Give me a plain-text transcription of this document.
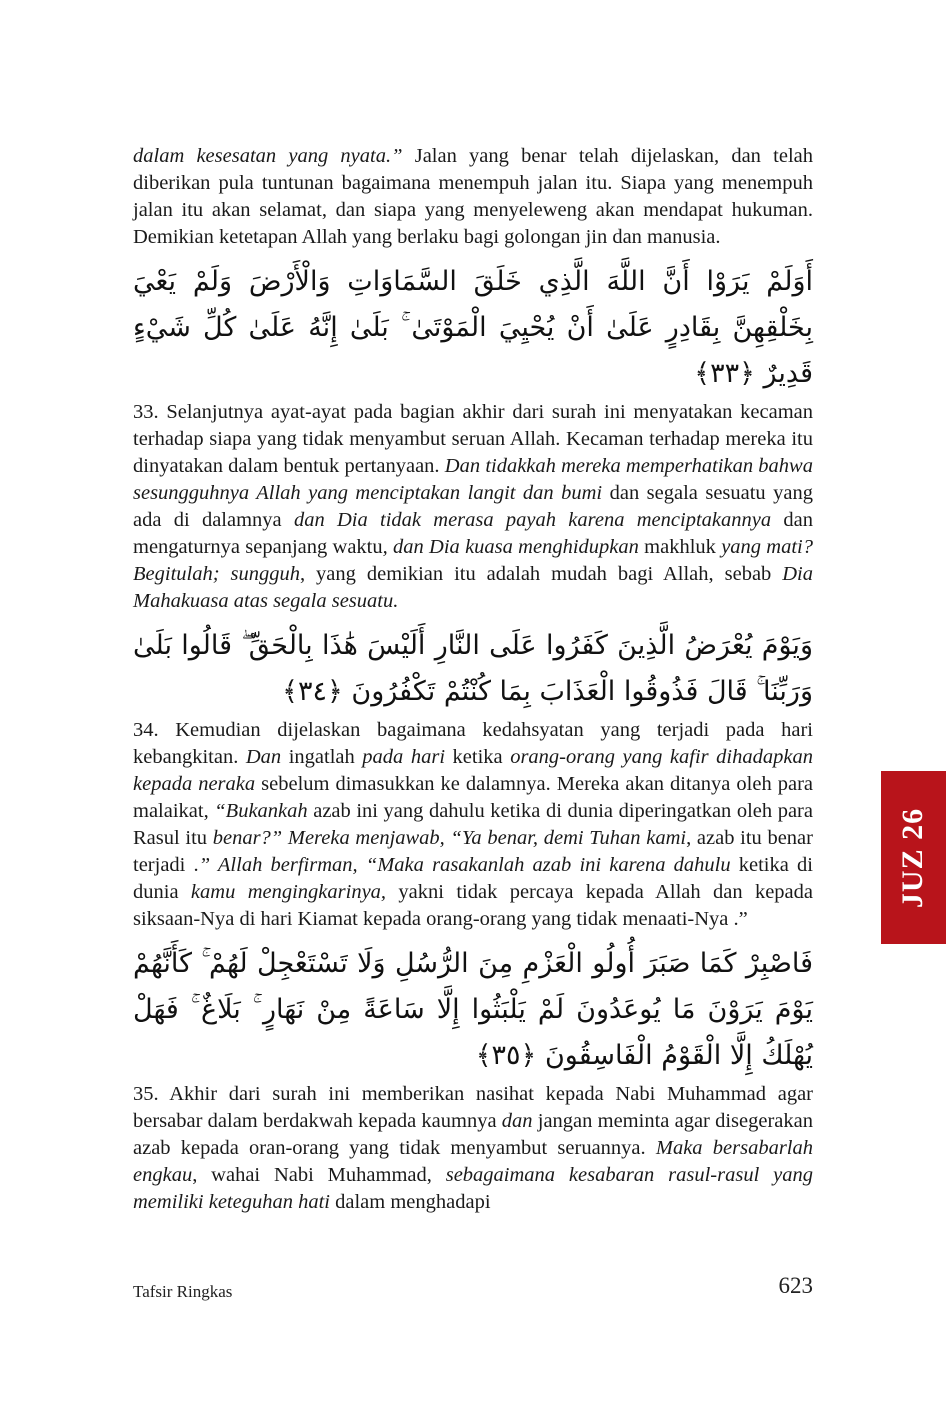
dalam kesesatan yang nyata.” Jalan yang benar telah dijelaskan, dan telah diberikan pula tuntunan bagaimana menempuh jalan itu. Siapa yang menempuh jalan itu akan selamat, dan siapa yang menyeleweng akan mendapat hukuman. Demikian ketetapan Allah yang berlaku bagi golongan jin dan manusia.

أَوَلَمْ يَرَوْا أَنَّ اللَّهَ الَّذِي خَلَقَ السَّمَاوَاتِ وَالْأَرْضَ وَلَمْ يَعْيَ بِخَلْقِهِنَّ بِقَادِرٍ عَلَىٰ أَنْ يُحْيِيَ الْمَوْتَىٰ ۚ بَلَىٰ إِنَّهُ عَلَىٰ كُلِّ شَيْءٍ قَدِيرٌ ﴿٣٣﴾

33. Selanjutnya ayat-ayat pada bagian akhir dari surah ini menyatakan kecaman terhadap siapa yang tidak menyambut seruan Allah. Kecaman terhadap mereka itu dinyatakan dalam bentuk pertanyaan. Dan tidakkah mereka memperhatikan bahwa sesungguhnya Allah yang menciptakan langit dan bumi dan segala sesuatu yang ada di dalamnya dan Dia tidak merasa payah karena menciptakannya dan mengaturnya sepanjang waktu, dan Dia kuasa menghidupkan makhluk yang mati? Begitulah; sungguh, yang demikian itu adalah mudah bagi Allah, sebab Dia Mahakuasa atas segala sesuatu.

وَيَوْمَ يُعْرَضُ الَّذِينَ كَفَرُوا عَلَى النَّارِ أَلَيْسَ هَٰذَا بِالْحَقِّ ۖ قَالُوا بَلَىٰ وَرَبِّنَا ۚ قَالَ فَذُوقُوا الْعَذَابَ بِمَا كُنْتُمْ تَكْفُرُونَ ﴿٣٤﴾

34. Kemudian dijelaskan bagaimana kedahsyatan yang terjadi pada hari kebangkitan. Dan ingatlah pada hari ketika orang-orang yang kafir dihadapkan kepada neraka sebelum dimasukkan ke dalamnya. Mereka akan ditanya oleh para malaikat, “Bukankah azab ini yang dahulu ketika di dunia diperingatkan oleh para Rasul itu benar?” Mereka menjawab, “Ya benar, demi Tuhan kami, azab itu benar terjadi .” Allah berfirman, “Maka rasakanlah azab ini karena dahulu ketika di dunia kamu mengingkarinya, yakni tidak percaya kepada Allah dan kepada siksaan-Nya di hari Kiamat kepada orang-orang yang tidak menaati-Nya .”

فَاصْبِرْ كَمَا صَبَرَ أُولُو الْعَزْمِ مِنَ الرُّسُلِ وَلَا تَسْتَعْجِلْ لَهُمْ ۚ كَأَنَّهُمْ يَوْمَ يَرَوْنَ مَا يُوعَدُونَ لَمْ يَلْبَثُوا إِلَّا سَاعَةً مِنْ نَهَارٍ ۚ بَلَاغٌ ۚ فَهَلْ يُهْلَكُ إِلَّا الْقَوْمُ الْفَاسِقُونَ ﴿٣٥﴾

35. Akhir dari surah ini memberikan nasihat kepada Nabi Muhammad agar bersabar dalam berdakwah kepada kaumnya dan jangan meminta agar disegerakan azab kepada oran-orang yang tidak menyambut seruannya. Maka bersabarlah engkau, wahai Nabi Muhammad, sebagaimana kesabaran rasul-rasul yang memiliki keteguhan hati dalam menghadapi

JUZ 26
Tafsir Ringkas	623
